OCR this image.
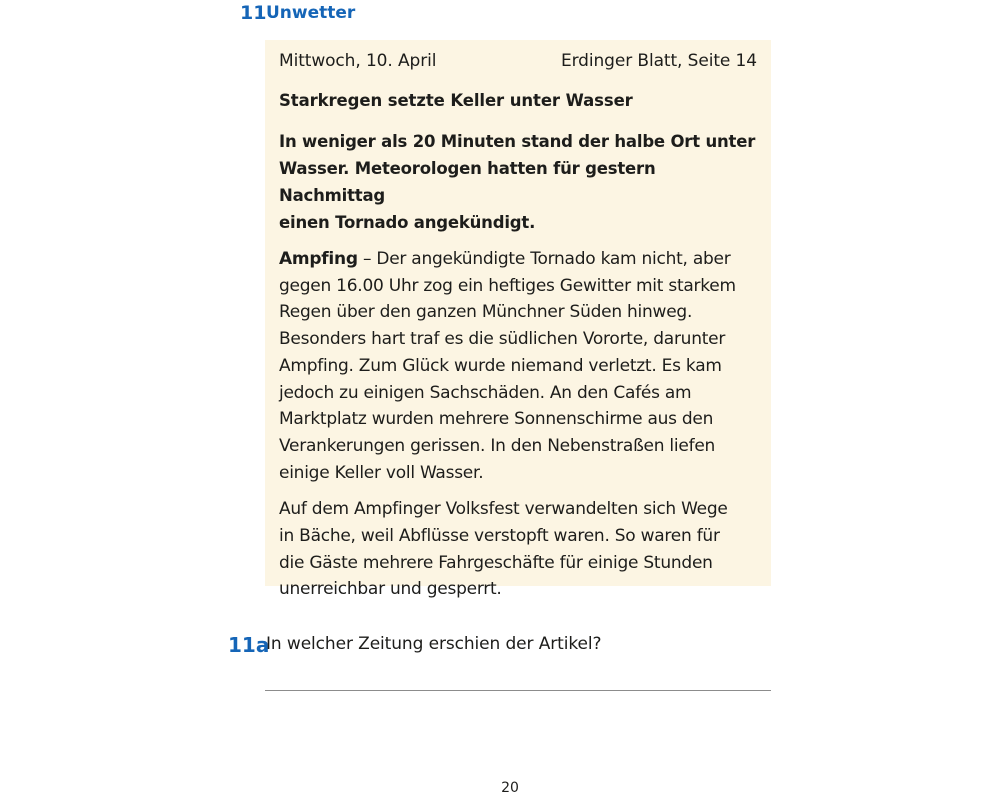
11 Unwetter
Mittwoch, 10. April	Erdinger Blatt, Seite 14
Starkregen setzte Keller unter Wasser
In weniger als 20 Minuten stand der halbe Ort unter
Wasser. Meteorologen hatten für gestern Nachmittag
einen Tornado angekündigt.
Ampfing – Der angekündigte Tornado kam nicht, aber
gegen 16.00 Uhr zog ein heftiges Gewitter mit starkem
Regen über den ganzen Münchner Süden hinweg.
Besonders hart traf es die südlichen Vororte, darunter
Ampfing. Zum Glück wurde niemand verletzt. Es kam
jedoch zu einigen Sachschäden. An den Cafés am
Marktplatz wurden mehrere Sonnenschirme aus den
Verankerungen gerissen. In den Nebenstraßen liefen
einige Keller voll Wasser.
Auf dem Ampfinger Volksfest verwandelten sich Wege
in Bäche, weil Abflüsse verstopft waren. So waren für
die Gäste mehrere Fahrgeschäfte für einige Stunden
unerreichbar und gesperrt.
11a
In welcher Zeitung erschien der Artikel?
20
